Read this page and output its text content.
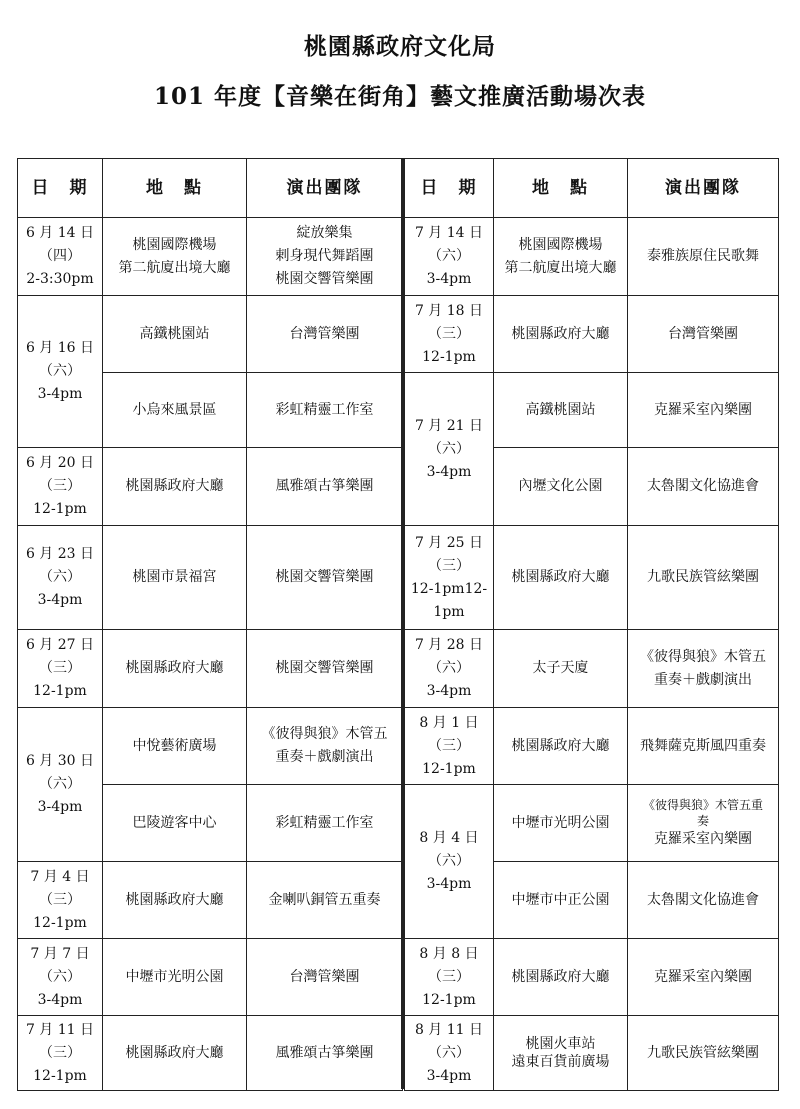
桃園縣政府文化局
101 年度【音樂在街角】藝文推廣活動場次表
日　期	地　點	演出團隊

6 月 14 日
（四）
2-3:30pm	桃園國際機場
第二航廈出境大廳	綻放樂集
剌身現代舞蹈團
桃園交響管樂團

6 月 16 日
（六）
3-4pm	高鐵桃園站	台灣管樂團

	小烏來風景區	彩虹精靈工作室

6 月 20 日
（三）
12-1pm	桃園縣政府大廳	風雅頌古箏樂團

6 月 23 日
（六）
3-4pm	桃園市景福宮	桃園交響管樂團

6 月 27 日
（三）
12-1pm	桃園縣政府大廳	桃園交響管樂團

6 月 30 日
（六）
3-4pm	中悅藝術廣場	《彼得與狼》木管五
重奏＋戲劇演出

	巴陵遊客中心	彩虹精靈工作室

7 月 4 日
（三）
12-1pm	桃園縣政府大廳	金喇叭銅管五重奏

7 月 7 日
（六）
3-4pm	中壢市光明公園	台灣管樂團

7 月 11 日
（三）
12-1pm	桃園縣政府大廳	風雅頌古箏樂團
日　期	地　點	演出團隊

7 月 14 日
（六）
3-4pm	桃園國際機場
第二航廈出境大廳	泰雅族原住民歌舞

7 月 18 日
（三）
12-1pm	桃園縣政府大廳	台灣管樂團

7 月 21 日
（六）
3-4pm	高鐵桃園站	克羅采室內樂團

	內壢文化公園	太魯閣文化協進會

7 月 25 日
（三）
12-1pm12-
1pm	桃園縣政府大廳	九歌民族管絃樂團

7 月 28 日
（六）
3-4pm	太子天廈	《彼得與狼》木管五
重奏＋戲劇演出

8 月 1 日
（三）
12-1pm	桃園縣政府大廳	飛舞薩克斯風四重奏

8 月 4 日
（六）
3-4pm	中壢市光明公園	《彼得與狼》木管五重
奏
克羅采室內樂團

	中壢市中正公園	太魯閣文化協進會

8 月 8 日
（三）
12-1pm	桃園縣政府大廳	克羅采室內樂團

8 月 11 日
（六）
3-4pm	桃園火車站
遠東百貨前廣場	九歌民族管絃樂團
